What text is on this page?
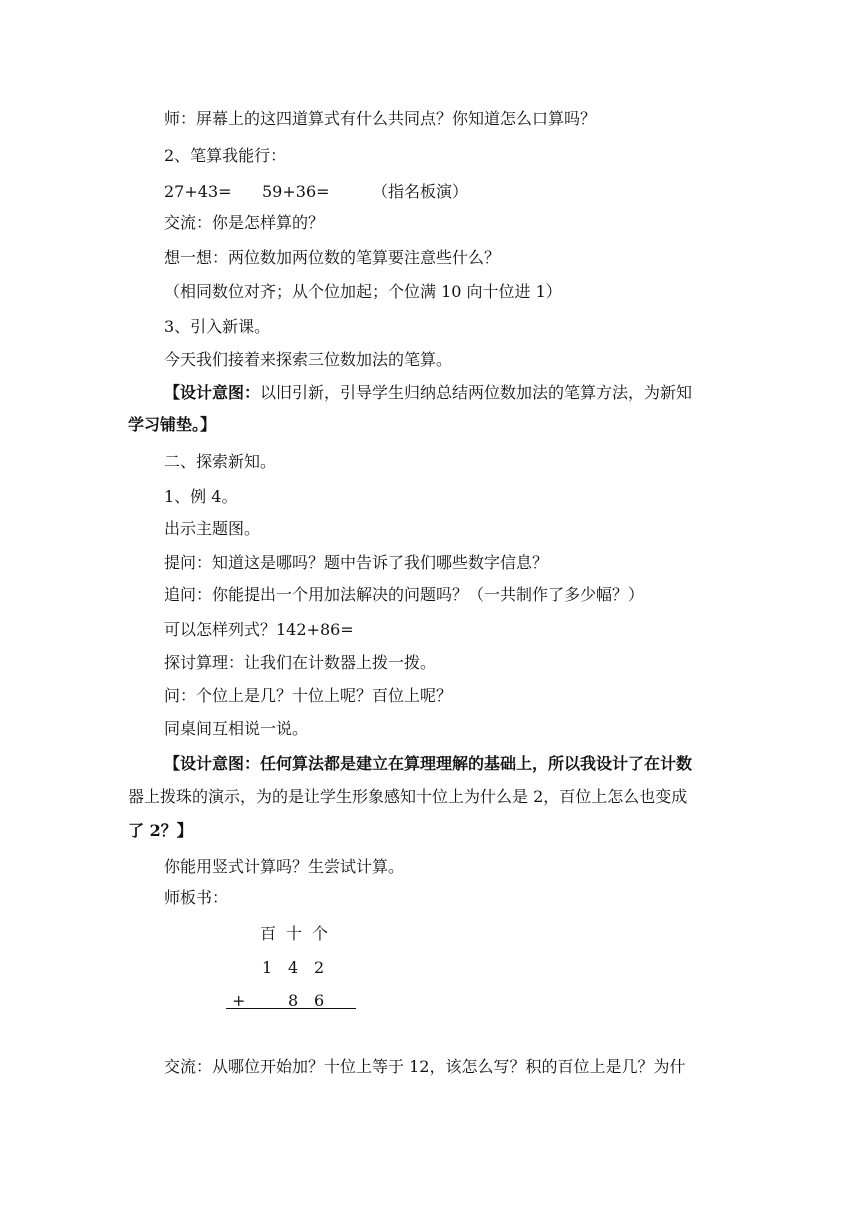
师：屏幕上的这四道算式有什么共同点？你知道怎么口算吗？
2、笔算我能行：
27+43= 59+36=	（指名板演）
交流：你是怎样算的？
想一想：两位数加两位数的笔算要注意些什么？
（相同数位对齐；从个位加起；个位满 10 向十位进 1）
3、引入新课。
今天我们接着来探索三位数加法的笔算。
【设计意图：以旧引新，引导学生归纳总结两位数加法的笔算方法，为新知
学习铺垫。】
二、探索新知。
1、例 4。
出示主题图。
提问：知道这是哪吗？题中告诉了我们哪些数字信息？
追问：你能提出一个用加法解决的问题吗？（一共制作了多少幅？）
可以怎样列式？142+86=
探讨算理：让我们在计数器上拨一拨。
问：个位上是几？十位上呢？百位上呢？
同桌间互相说一说。
【设计意图：任何算法都是建立在算理理解的基础上，所以我设计了在计数
器上拨珠的演示，为的是让学生形象感知十位上为什么是 2，百位上怎么也变成
了 2？】
你能用竖式计算吗？生尝试计算。
师板书：
百 十 个
1 4 2
+	8 6
交流：从哪位开始加？十位上等于 12，该怎么写？积的百位上是几？为什
